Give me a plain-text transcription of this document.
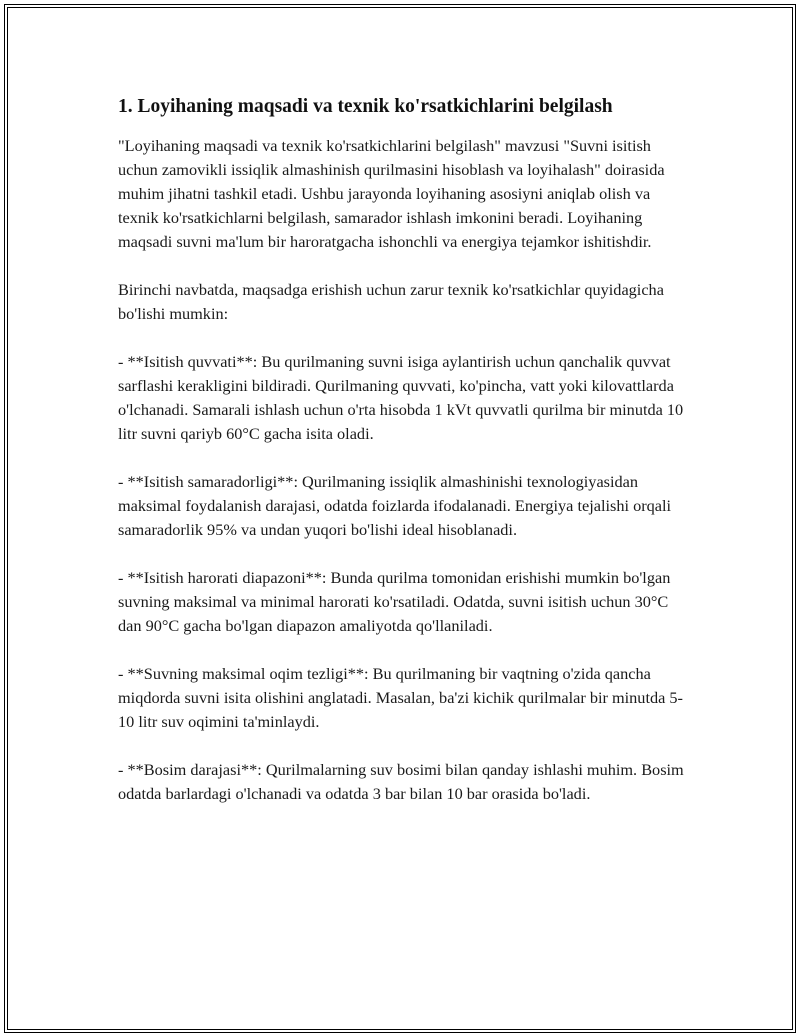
1. Loyihaning maqsadi va texnik ko'rsatkichlarini belgilash

"Loyihaning maqsadi va texnik ko'rsatkichlarini belgilash" mavzusi "Suvni isitish uchun zamovikli issiqlik almashinish qurilmasini hisoblash va loyihalash" doirasida muhim jihatni tashkil etadi. Ushbu jarayonda loyihaning asosiyni aniqlab olish va texnik ko'rsatkichlarni belgilash, samarador ishlash imkonini beradi. Loyihaning maqsadi suvni ma'lum bir haroratgacha ishonchli va energiya tejamkor ishitishdir.

Birinchi navbatda, maqsadga erishish uchun zarur texnik ko'rsatkichlar quyidagicha bo'lishi mumkin:

- **Isitish quvvati**: Bu qurilmaning suvni isiga aylantirish uchun qanchalik quvvat sarflashi kerakligini bildiradi. Qurilmaning quvvati, ko'pincha, vatt yoki kilovattlarda o'lchanadi. Samarali ishlash uchun o'rta hisobda 1 kVt quvvatli qurilma bir minutda 10 litr suvni qariyb 60°C gacha isita oladi.

- **Isitish samaradorligi**: Qurilmaning issiqlik almashinishi texnologiyasidan maksimal foydalanish darajasi, odatda foizlarda ifodalanadi. Energiya tejalishi orqali samaradorlik 95% va undan yuqori bo'lishi ideal hisoblanadi.

- **Isitish harorati diapazoni**: Bunda qurilma tomonidan erishishi mumkin bo'lgan suvning maksimal va minimal harorati ko'rsatiladi. Odatda, suvni isitish uchun 30°C dan 90°C gacha bo'lgan diapazon amaliyotda qo'llaniladi.

- **Suvning maksimal oqim tezligi**: Bu qurilmaning bir vaqtning o'zida qancha miqdorda suvni isita olishini anglatadi. Masalan, ba'zi kichik qurilmalar bir minutda 5-10 litr suv oqimini ta'minlaydi.

- **Bosim darajasi**: Qurilmalarning suv bosimi bilan qanday ishlashi muhim. Bosim odatda barlardagi o'lchanadi va odatda 3 bar bilan 10 bar orasida bo'ladi.
